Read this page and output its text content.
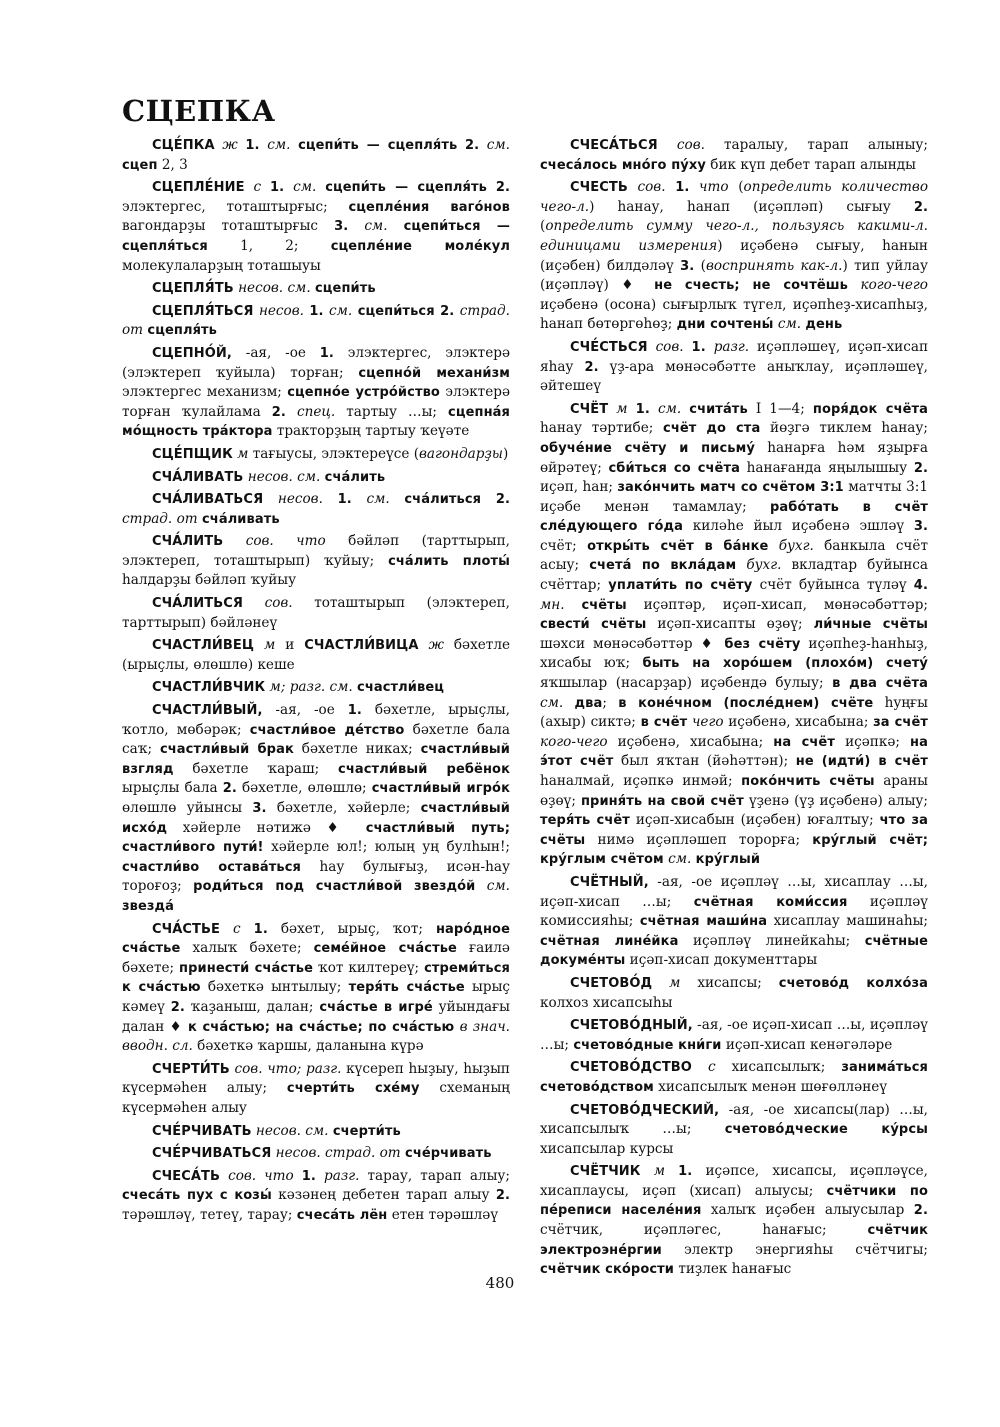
СЦЕПКА

СЦЕ́ПКА ж 1. см. сцепи́ть — сцепля́ть 2. см. сцеп 2, 3

СЦЕПЛЕ́НИЕ с 1. см. сцепи́ть — сцепля́ть 2. элэктергес, тоташтырғыс; сцепле́ния ваго́нов вагондарҙы тоташтырғыс 3. см. сцепи́ться — сцепля́ться 1, 2; сцепле́ние моле́кул молекулаларҙың тоташыуы

СЦЕПЛЯ́ТЬ несов. см. сцепи́ть

СЦЕПЛЯ́ТЬСЯ несов. 1. см. сцепи́ться 2. страд. от сцепля́ть

СЦЕПНО́Й, -ая, -ое 1. элэктергес, элэктерә (элэктереп ҡуйыла) торған; сцепно́й механи́зм элэктергес механизм; сцепно́е устро́йство элэктерә торған ҡулайлама 2. спец. тартыу …ы; сцепна́я мо́щность тра́ктора тракторҙың тартыу ҡеүәте

СЦЕ́ПЩИК м тағыусы, элэктереүсе (вагондарҙы)

СЧА́ЛИВАТЬ несов. см. сча́лить

СЧА́ЛИВАТЬСЯ несов. 1. см. сча́литься 2. страд. от сча́ливать

СЧА́ЛИТЬ сов. что бәйләп (тарттырып, элэктереп, тоташтырып) ҡуйыу; сча́лить плоты́ һалдарҙы бәйләп ҡуйыу

СЧА́ЛИТЬСЯ сов. тоташтырып (элэктереп, тарттырып) бәйләнеү

СЧАСТЛИ́ВЕЦ м и СЧАСТЛИ́ВИЦА ж бәхетле (ырыҫлы, өлөшлө) кеше

СЧАСТЛИ́ВЧИК м; разг. см. счастли́вец

СЧАСТЛИ́ВЫЙ, -ая, -ое 1. бәхетле, ырыҫлы, ҡотло, мөбәрәк; счастли́вое де́тство бәхетле бала саҡ; счастли́вый брак бәхетле никах; счастли́вый взгляд бәхетле ҡараш; счастли́вый ребёнок ырыҫлы бала 2. бәхетле, өлөшлө; счастли́вый игро́к өлөшлө уйынсы 3. бәхетле, хәйерле; счастли́вый исхо́д хәйерле нәтижә ♦ счастли́вый путь; счастли́вого пути́! хәйерле юл!; юлың уң булһын!; счастли́во остава́ться һау булығыҙ, исән-һау тороғоҙ; роди́ться под счастли́вой звездо́й см. звезда́

СЧА́СТЬЕ с 1. бәхет, ырыҫ, ҡот; наро́дное сча́стье халыҡ бәхете; семе́йное сча́стье ғаилә бәхете; принести́ сча́стье ҡот килтереү; стреми́ться к сча́стью бәхеткә ынтылыу; теря́ть сча́стье ырыҫ кәмеү 2. ҡаҙаныш, далан; сча́стье в игре́ уйындағы далан ♦ к сча́стью; на сча́стье; по сча́стью в знач. вводн. сл. бәхеткә ҡаршы, даланына күрә

СЧЕРТИ́ТЬ сов. что; разг. күсереп һыҙыу, һыҙып күсермәһен алыу; счерти́ть схе́му схеманың күсермәһен алыу

СЧЕ́РЧИВАТЬ несов. см. счерти́ть

СЧЕ́РЧИВАТЬСЯ несов. страд. от сче́рчивать

СЧЕСА́ТЬ сов. что 1. разг. тарау, тарап алыу; счеса́ть пух с козы́ кәзәнең дебетен тарап алыу 2. тәрәшләү, тетеү, тарау; счеса́ть лён етен тәрәшләү

СЧЕСА́ТЬСЯ сов. таралыу, тарап алыныу; счеса́лось мно́го пу́ху бик күп дебет тарап алынды

СЧЕСТЬ сов. 1. что (определить количество чего-л.) һанау, һанап (иҫәпләп) сығыу 2. (определить сумму чего-л., пользуясь какими-л. единицами измерения) иҫәбенә сығыу, һанын (иҫәбен) билдәләү 3. (воспринять как-л.) тип уйлау (иҫәпләү) ♦ не счесть; не сочтёшь кого-чего иҫәбенә (осона) сығырлыҡ түгел, иҫәпһеҙ-хисапһыҙ, һанап бөтөргөһөҙ; дни сочтены́ см. день

СЧЕ́СТЬСЯ сов. 1. разг. иҫәпләшеү, иҫәп-хисап яһау 2. үҙ-ара мөнәсәбәтте аныҡлау, иҫәпләшеү, әйтешеү

СЧЁТ м 1. см. счита́ть I 1—4; поря́док счёта һанау тәртибе; счёт до ста йөҙгә тиклем һанау; обуче́ние счёту и письму́ һанарға һәм яҙырға өйрәтеү; сби́ться со счёта һанағанда яңылышыу 2. иҫәп, һан; зако́нчить матч со счётом 3:1 матчты 3:1 иҫәбе менән тамамлау; рабо́тать в счёт сле́дующего го́да киләһе йыл иҫәбенә эшләү 3. счёт; откры́ть счёт в ба́нке бухг. банкыла счёт асыу; счета́ по вкла́дам бухг. вкладтар буйынса счёттар; уплати́ть по счёту счёт буйынса түләү 4. мн. счёты иҫәптәр, иҫәп-хисап, мөнәсәбәттәр; свести́ счёты иҫәп-хисапты өҙөү; ли́чные счёты шәхси мөнәсәбәттәр ♦ без счёту иҫәпһеҙ-һанһыҙ, хисабы юҡ; быть на хоро́шем (плохо́м) счету́ яҡшылар (насарҙар) иҫәбендә булыу; в два счёта см. два; в коне́чном (после́днем) счёте һуңғы (ахыр) сиктә; в счёт чего иҫәбенә, хисабына; за счёт кого-чего иҫәбенә, хисабына; на счёт иҫәпкә; на э́тот счёт был яҡтан (йәһәттән); не (идти́) в счёт һаналмай, иҫәпкә инмәй; поко́нчить счёты араны өҙөү; приня́ть на свой счёт үҙенә (үҙ иҫәбенә) алыу; теря́ть счёт иҫәп-хисабын (иҫәбен) юғалтыу; что за счёты нимә иҫәпләшеп торорға; кру́глый счёт; кру́глым счётом см. кру́глый

СЧЁТНЫЙ, -ая, -ое иҫәпләү …ы, хисаплау …ы, иҫәп-хисап …ы; счётная коми́ссия иҫәпләү комиссияһы; счётная маши́на хисаплау машинаһы; счётная лине́йка иҫәпләү линейкаһы; счётные докуме́нты иҫәп-хисап документтары

СЧЕТОВО́Д м хисапсы; счетово́д колхо́за колхоз хисапсыһы

СЧЕТОВО́ДНЫЙ, -ая, -ое иҫәп-хисап …ы, иҫәпләү …ы; счетово́дные кни́ги иҫәп-хисап кенәгәләре

СЧЕТОВО́ДСТВО с хисапсылыҡ; занима́ться счетово́дством хисапсылыҡ менән шөғөлләнеү

СЧЕТОВО́ДЧЕСКИЙ, -ая, -ое хисапсы(лар) …ы, хисапсылыҡ …ы; счетово́дческие ку́рсы хисапсылар курсы

СЧЁТЧИК м 1. иҫәпсе, хисапсы, иҫәпләүсе, хисаплаусы, иҫәп (хисап) алыусы; счётчики по пе́реписи населе́ния халыҡ иҫәбен алыусылар 2. счётчик, иҫәпләгес, һанағыс; счётчик электроэне́ргии электр энергияһы счётчигы; счётчик ско́рости тиҙлек һанағыс

480
